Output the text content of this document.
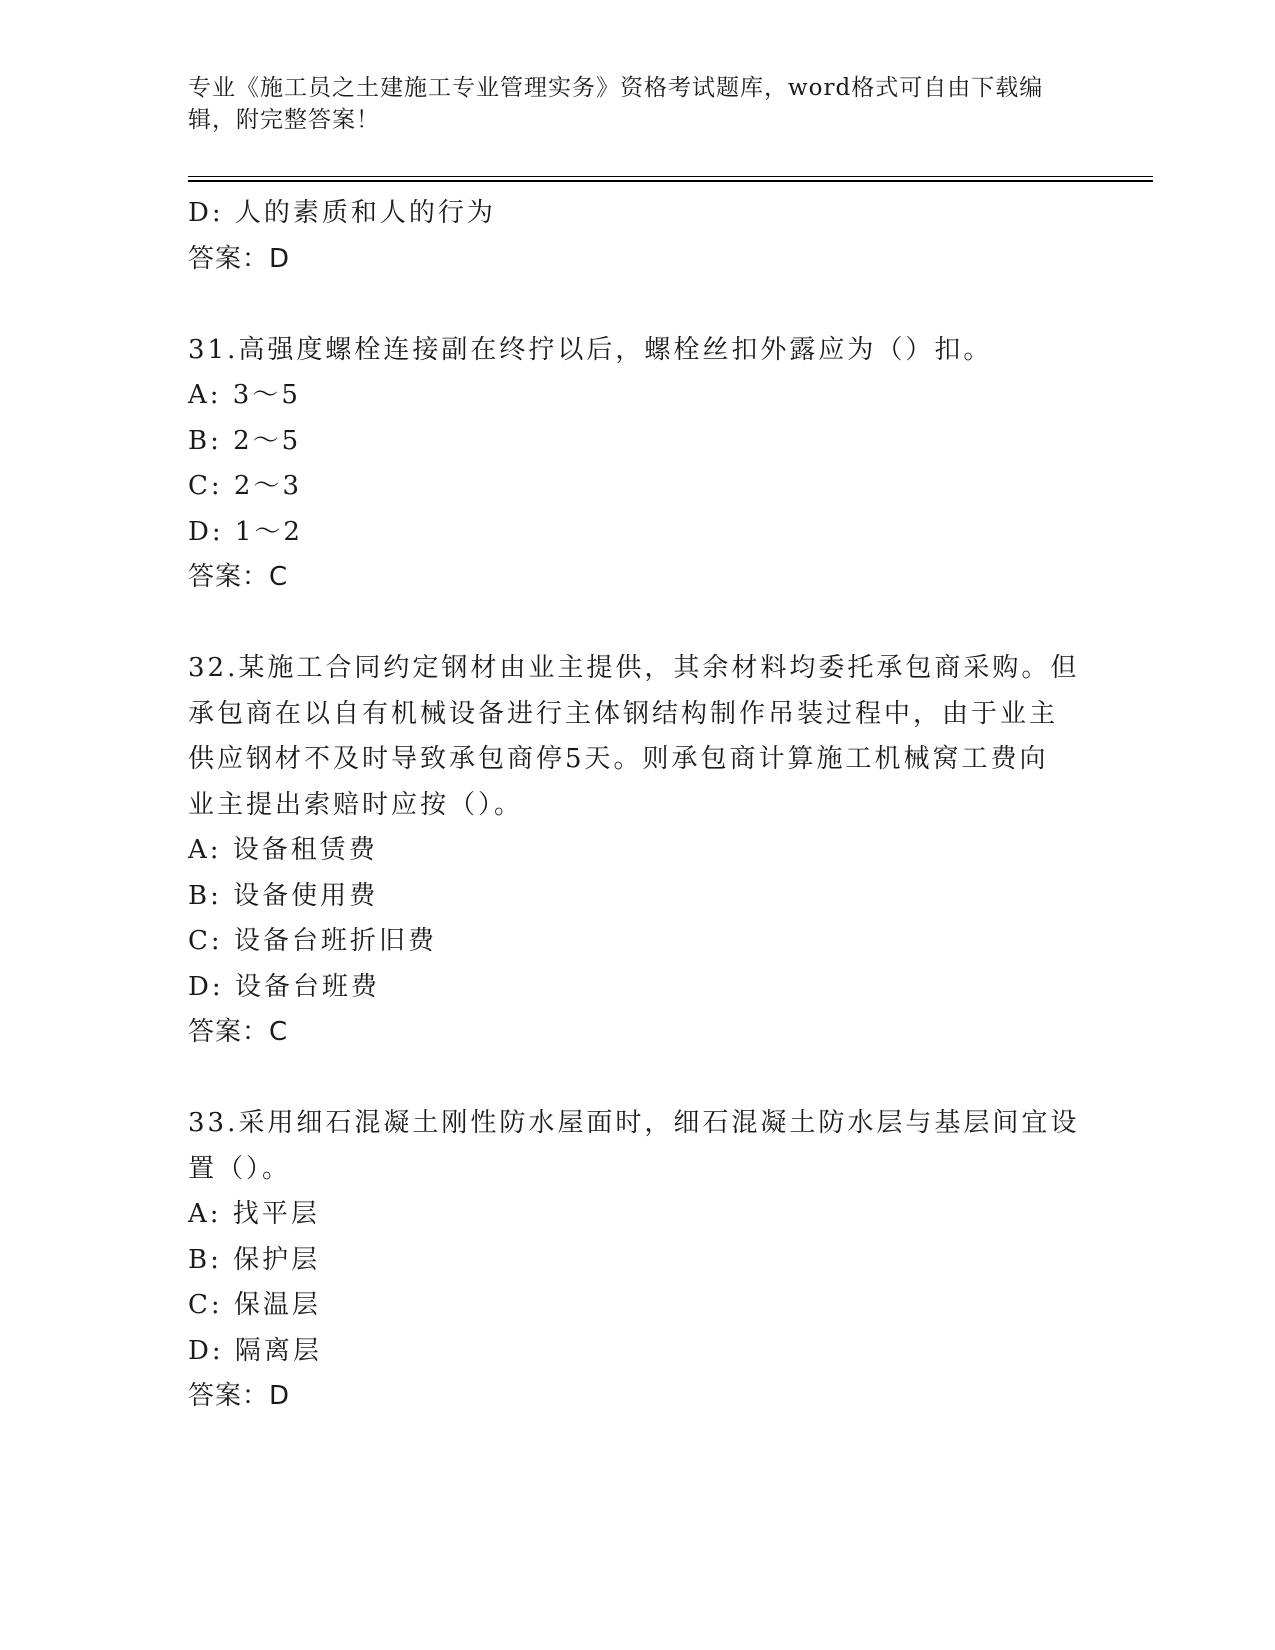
专业《施工员之土建施工专业管理实务》资格考试题库，word格式可自由下载编
辑，附完整答案！
D: 人的素质和人的行为
答案：D
31.高强度螺栓连接副在终拧以后，螺栓丝扣外露应为（）扣。
A: 3～5
B: 2～5
C: 2～3
D: 1～2
答案：C
32.某施工合同约定钢材由业主提供，其余材料均委托承包商采购。但
承包商在以自有机械设备进行主体钢结构制作吊装过程中，由于业主
供应钢材不及时导致承包商停5天。则承包商计算施工机械窝工费向
业主提出索赔时应按（）。
A: 设备租赁费
B: 设备使用费
C: 设备台班折旧费
D: 设备台班费
答案：C
33.采用细石混凝土刚性防水屋面时，细石混凝土防水层与基层间宜设
置（）。
A: 找平层
B: 保护层
C: 保温层
D: 隔离层
答案：D
